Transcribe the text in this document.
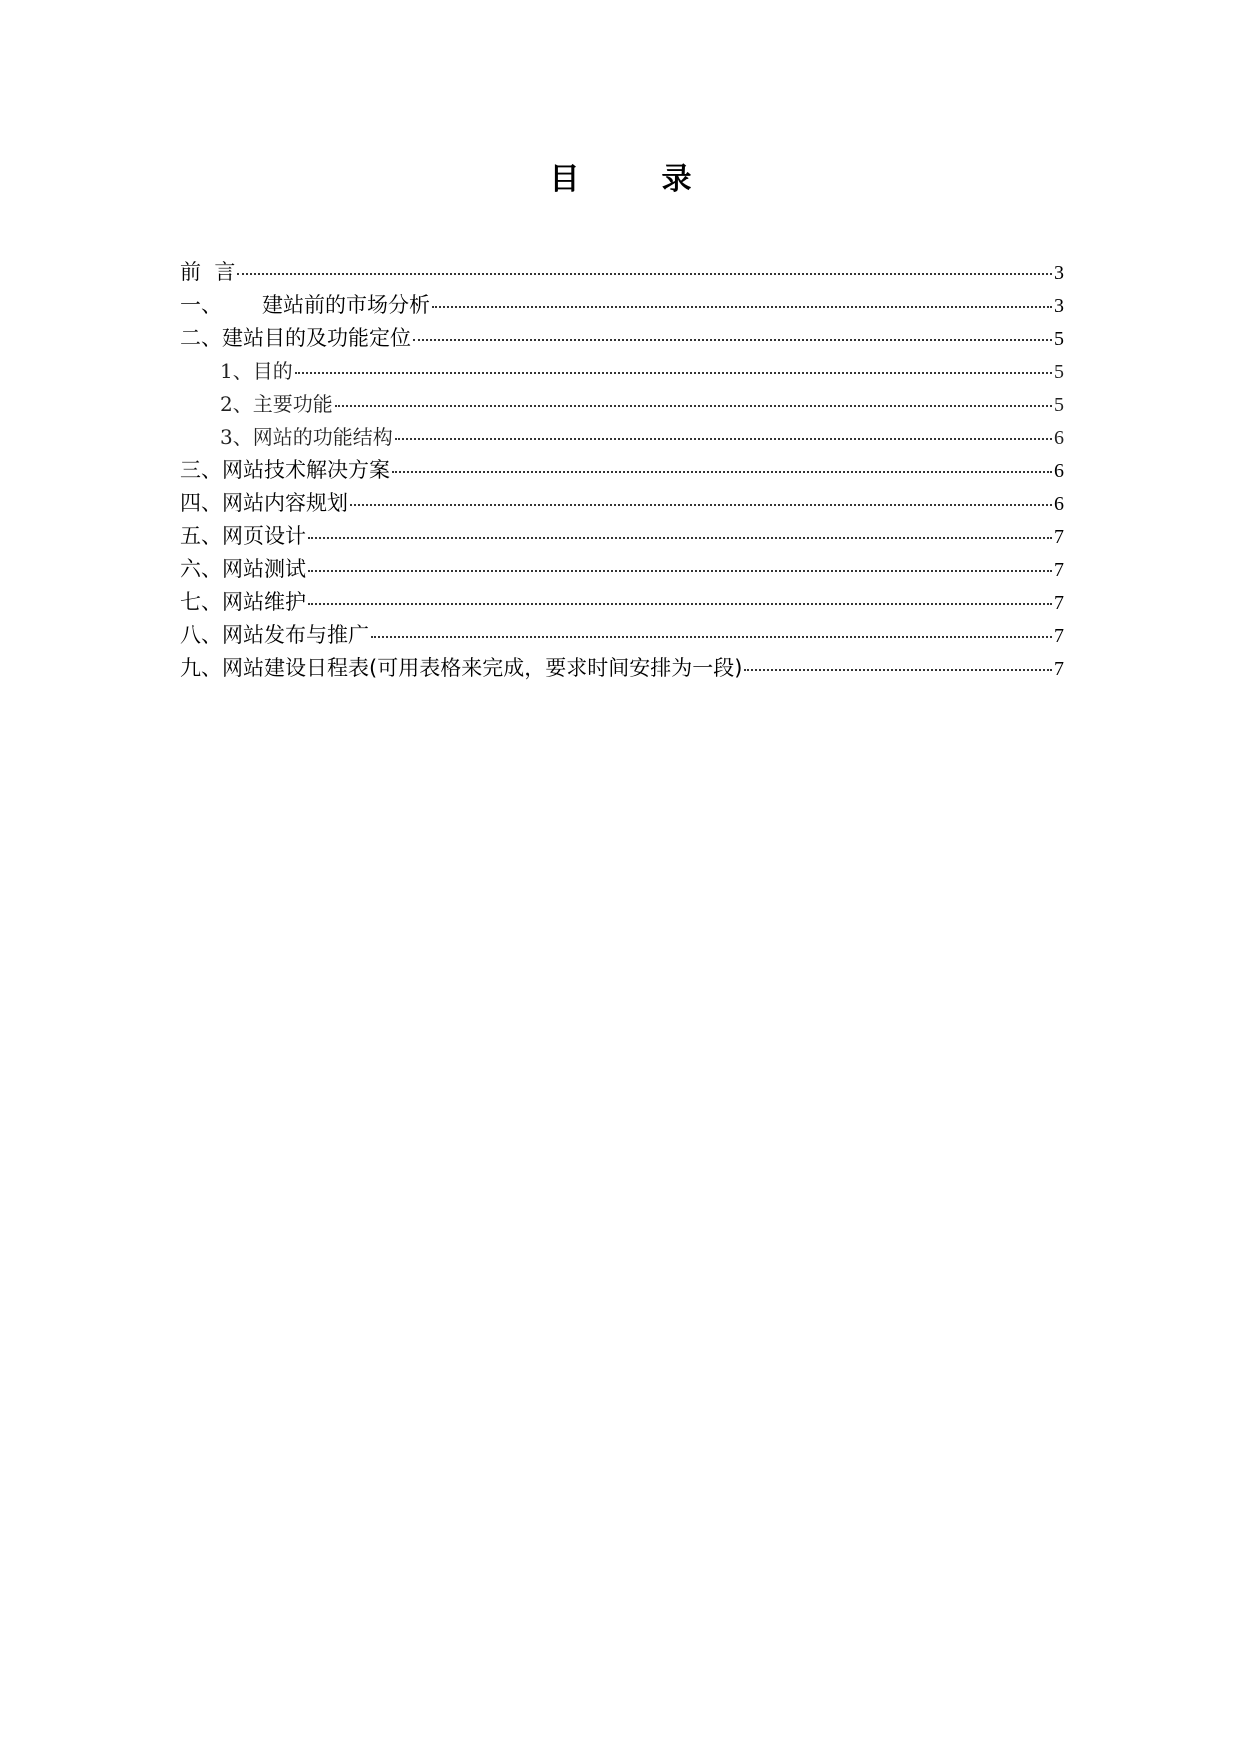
目　录
前  言	3
一、      建站前的市场分析	3
二、建站目的及功能定位	5
1、目的	5
2、主要功能	5
3、网站的功能结构	6
三、网站技术解决方案	6
四、网站内容规划	6
五、网页设计	7
六、网站测试	7
七、网站维护	7
八、网站发布与推广	7
九、网站建设日程表(可用表格来完成，要求时间安排为一段)	7
